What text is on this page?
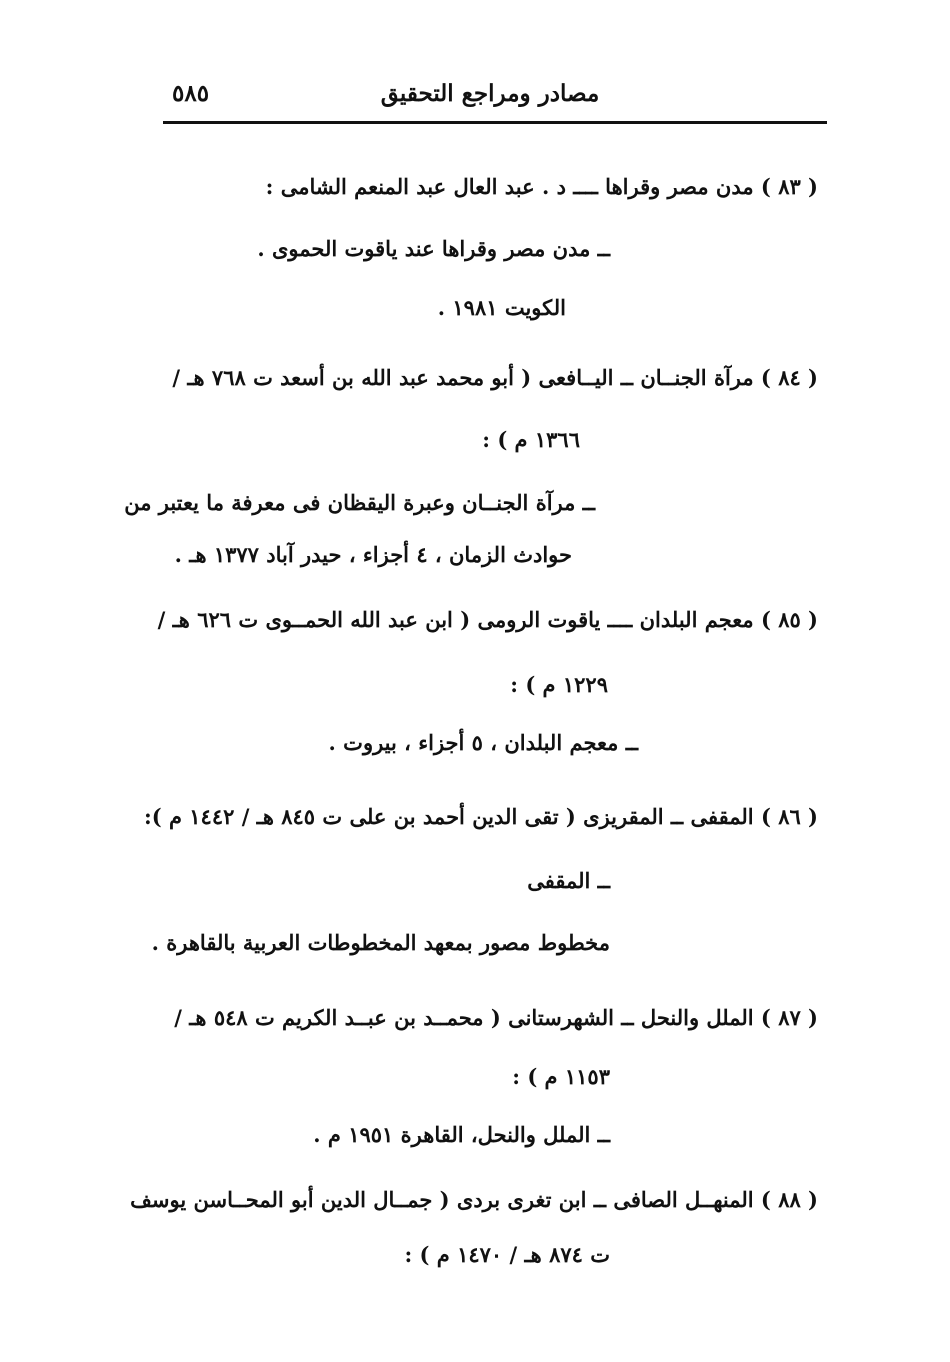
مصادر ومراجع التحقيق
٥٨٥
( ٨٣ ) مدن مصر وقراها ــــ د . عبد العال عبد المنعم الشامى :
ــ مدن مصر وقراها عند ياقوت الحموى .
الكويت ١٩٨١ .
( ٨٤ ) مرآة الجنــان ــ اليــافعى ( أبو محمد عبد الله بن أسعد ت ٧٦٨ هـ /
١٣٦٦ م ) :
ــ مرآة الجنــان وعبرة اليقظان فى معرفة ما يعتبر من
حوادث الزمان ، ٤ أجزاء ، حيدر آباد ١٣٧٧ هـ .
( ٨٥ ) معجم البلدان ــــ ياقوت الرومى ( ابن عبد الله الحمــوى ت ٦٢٦ هـ /
١٢٢٩ م ) :
ــ معجم البلدان ، ٥ أجزاء ، بيروت .
( ٨٦ ) المقفى ــ المقريزى ( تقى الدين أحمد بن على ت ٨٤٥ هـ / ١٤٤٢ م ):
ــ المقفى
مخطوط مصور بمعهد المخطوطات العربية بالقاهرة .
( ٨٧ ) الملل والنحل ــ الشهرستانى ( محمــد بن عبــد الكريم ت ٥٤٨ هـ /
١١٥٣ م ) :
ــ الملل والنحل، القاهرة ١٩٥١ م .
( ٨٨ ) المنهــل الصافى ــ ابن تغرى بردى ( جمــال الدين أبو المحــاسن يوسف
ت ٨٧٤ هـ / ١٤٧٠ م ) :
